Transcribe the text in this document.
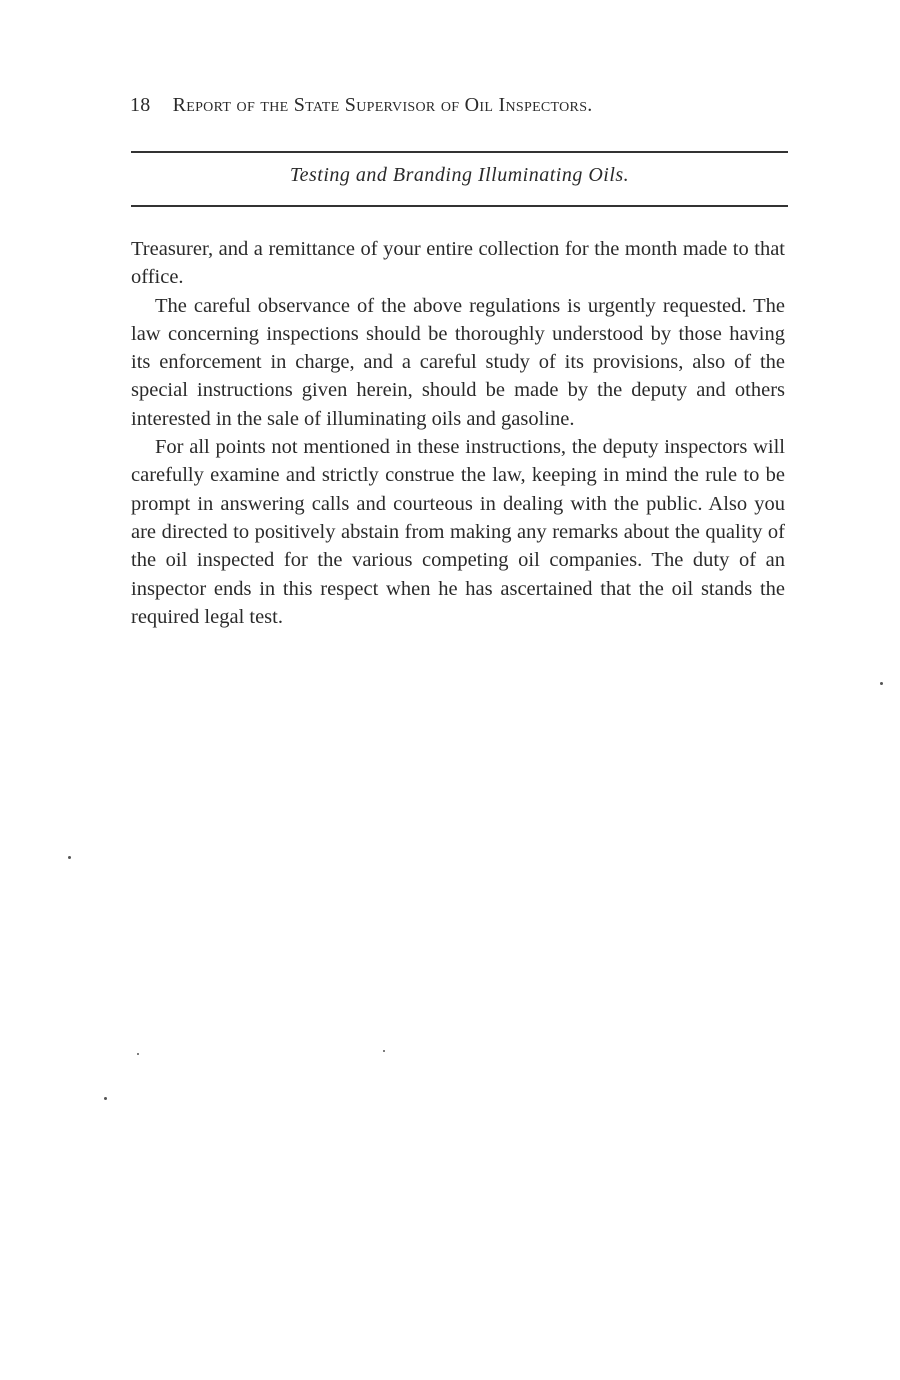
18 Report of the State Supervisor of Oil Inspectors.
Testing and Branding Illuminating Oils.

Treasurer, and a remittance of your entire collection for the month made to that office.

The careful observance of the above regulations is urgently requested. The law concerning inspections should be thoroughly understood by those having its enforcement in charge, and a careful study of its provisions, also of the special instructions given herein, should be made by the deputy and others interested in the sale of illuminating oils and gasoline.

For all points not mentioned in these instructions, the deputy inspectors will carefully examine and strictly construe the law, keeping in mind the rule to be prompt in answering calls and courteous in dealing with the public. Also you are directed to positively abstain from making any remarks about the quality of the oil inspected for the various competing oil companies. The duty of an inspector ends in this respect when he has ascertained that the oil stands the required legal test.
